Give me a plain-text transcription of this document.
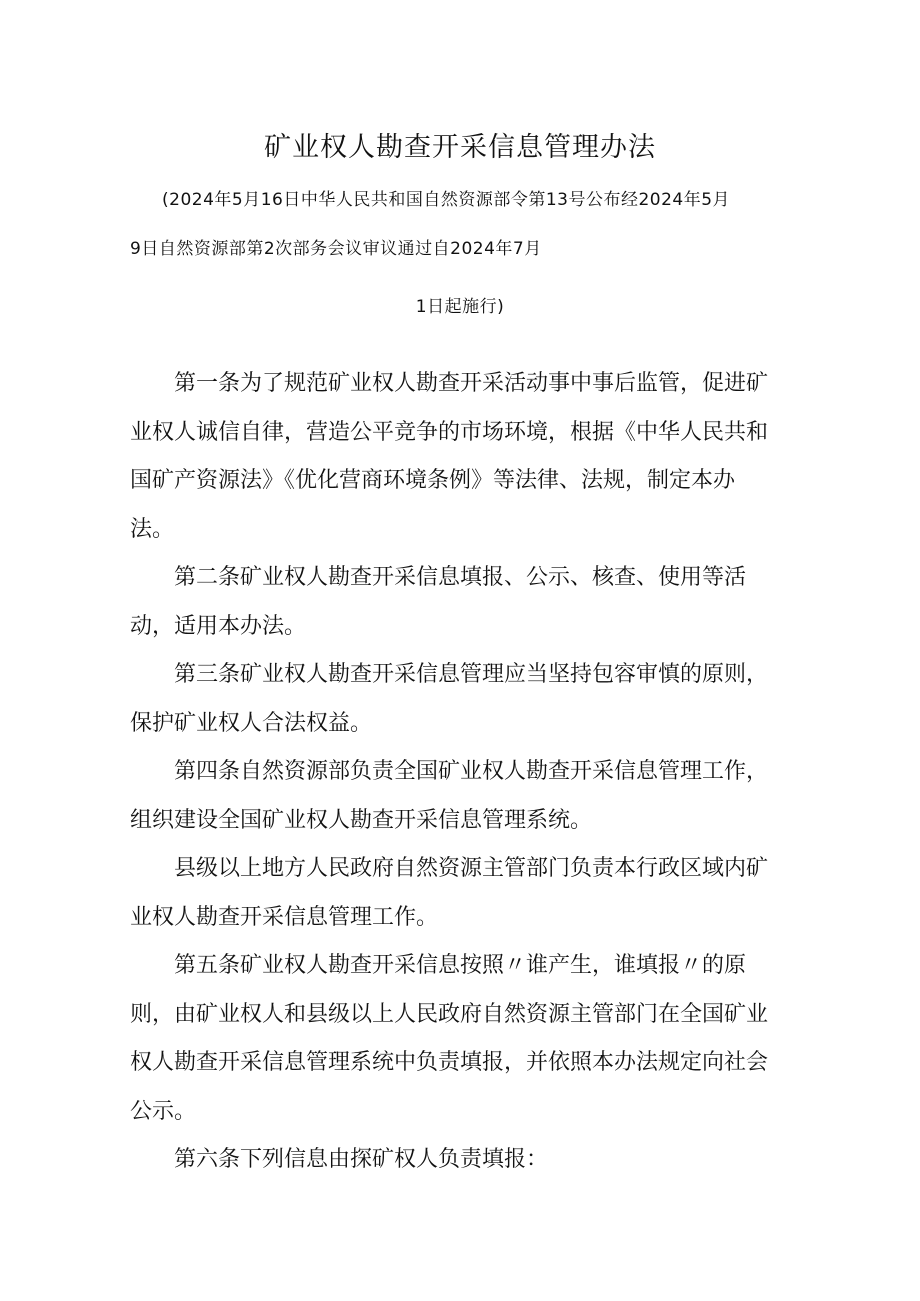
矿业权人勘查开采信息管理办法
(2024年5月16日中华人民共和国自然资源部令第13号公布经2024年5月
9日自然资源部第2次部务会议审议通过自2024年7月
1日起施行)

第一条为了规范矿业权人勘查开采活动事中事后监管，促进矿业权人诚信自律，营造公平竞争的市场环境，根据《中华人民共和国矿产资源法》《优化营商环境条例》等法律、法规，制定本办法。

第二条矿业权人勘查开采信息填报、公示、核查、使用等活动，适用本办法。

第三条矿业权人勘查开采信息管理应当坚持包容审慎的原则，保护矿业权人合法权益。

第四条自然资源部负责全国矿业权人勘查开采信息管理工作，组织建设全国矿业权人勘查开采信息管理系统。

县级以上地方人民政府自然资源主管部门负责本行政区域内矿业权人勘查开采信息管理工作。

第五条矿业权人勘查开采信息按照〃谁产生，谁填报〃的原则，由矿业权人和县级以上人民政府自然资源主管部门在全国矿业权人勘查开采信息管理系统中负责填报，并依照本办法规定向社会公示。

第六条下列信息由探矿权人负责填报：
